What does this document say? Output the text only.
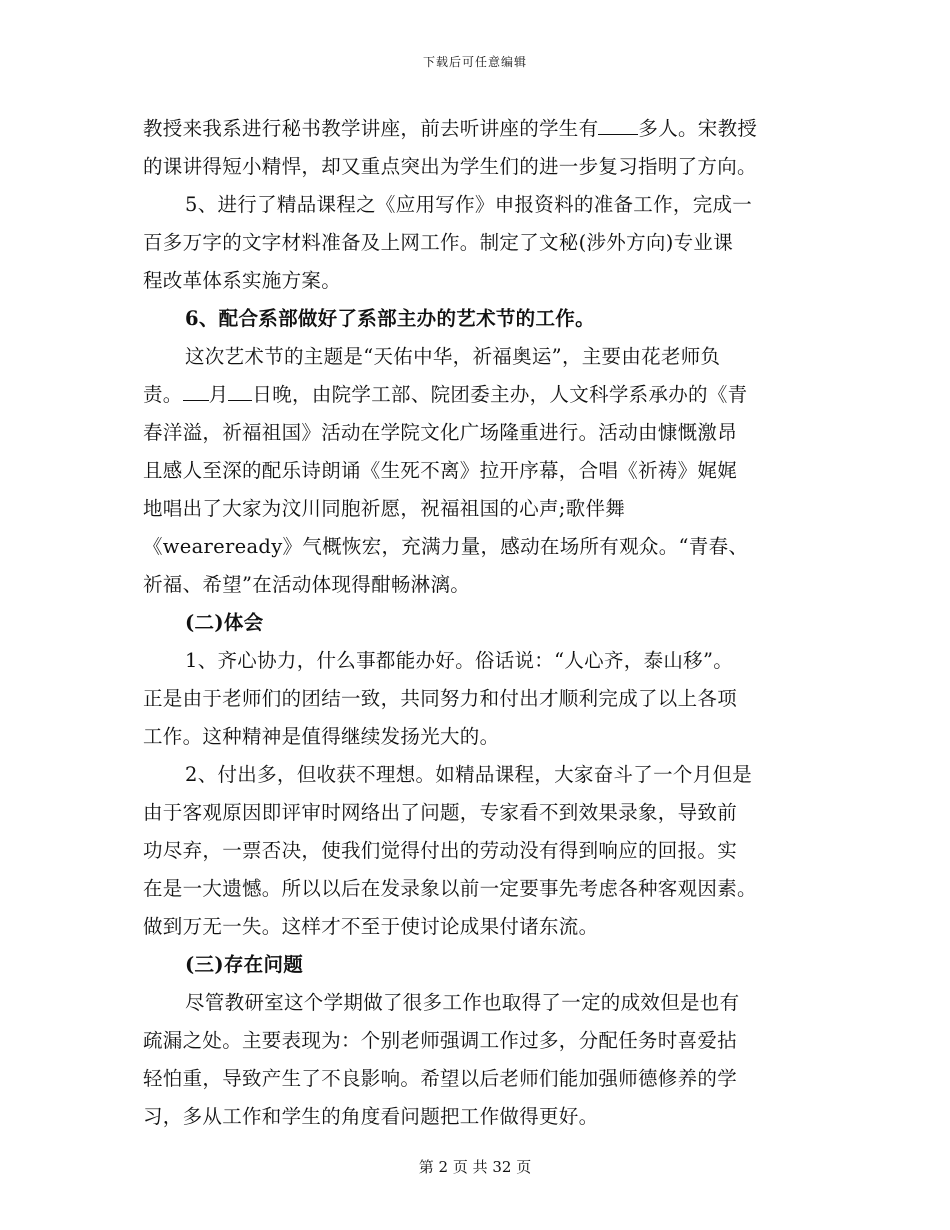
下载后可任意编辑
教授来我系进行秘书教学讲座，前去听讲座的学生有 多人。宋教授
的课讲得短小精悍，却又重点突出为学生们的进一步复习指明了方向。
5、进行了精品课程之《应用写作》申报资料的准备工作，完成一
百多万字的文字材料准备及上网工作。制定了文秘(涉外方向)专业课
程改革体系实施方案。
6、配合系部做好了系部主办的艺术节的工作。
这次艺术节的主题是“天佑中华，祈福奥运”，主要由花老师负
责。 月 日晚，由院学工部、院团委主办，人文科学系承办的《青
春洋溢，祈福祖国》活动在学院文化广场隆重进行。活动由慷慨激昂
且感人至深的配乐诗朗诵《生死不离》拉开序幕，合唱《祈祷》娓娓
地唱出了大家为汶川同胞祈愿，祝福祖国的心声;歌伴舞
《weareready》气概恢宏，充满力量，感动在场所有观众。“青春、
祈福、希望”在活动体现得酣畅淋漓。
(二)体会
1、齐心协力，什么事都能办好。俗话说：“人心齐，泰山移”。
正是由于老师们的团结一致，共同努力和付出才顺利完成了以上各项
工作。这种精神是值得继续发扬光大的。
2、付出多，但收获不理想。如精品课程，大家奋斗了一个月但是
由于客观原因即评审时网络出了问题，专家看不到效果录象，导致前
功尽弃，一票否决，使我们觉得付出的劳动没有得到响应的回报。实
在是一大遗憾。所以以后在发录象以前一定要事先考虑各种客观因素。
做到万无一失。这样才不至于使讨论成果付诸东流。
(三)存在问题
尽管教研室这个学期做了很多工作也取得了一定的成效但是也有
疏漏之处。主要表现为：个别老师强调工作过多，分配任务时喜爱拈
轻怕重，导致产生了不良影响。希望以后老师们能加强师德修养的学
习，多从工作和学生的角度看问题把工作做得更好。
第 2 页 共 32 页
